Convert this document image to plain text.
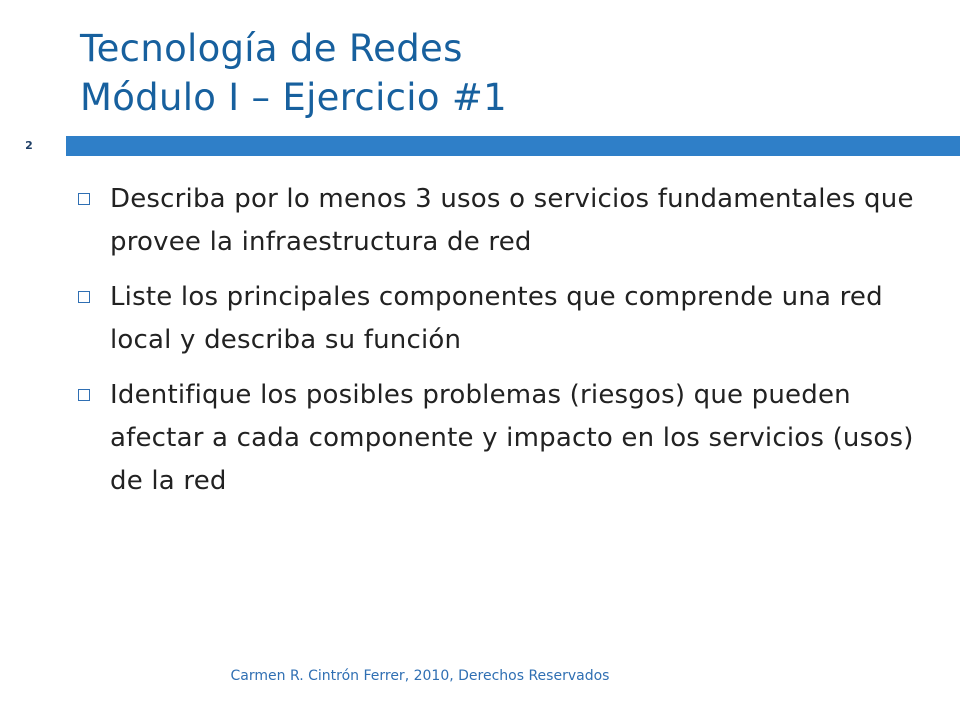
Tecnología de Redes
Módulo I – Ejercicio #1
2
Describa por lo menos 3 usos o servicios fundamentales que provee la infraestructura de red
Liste los principales componentes que comprende una red local y describa su función
Identifique los posibles problemas (riesgos) que pueden afectar a cada componente y impacto en los servicios (usos) de la red
Carmen R. Cintrón Ferrer, 2010, Derechos Reservados
